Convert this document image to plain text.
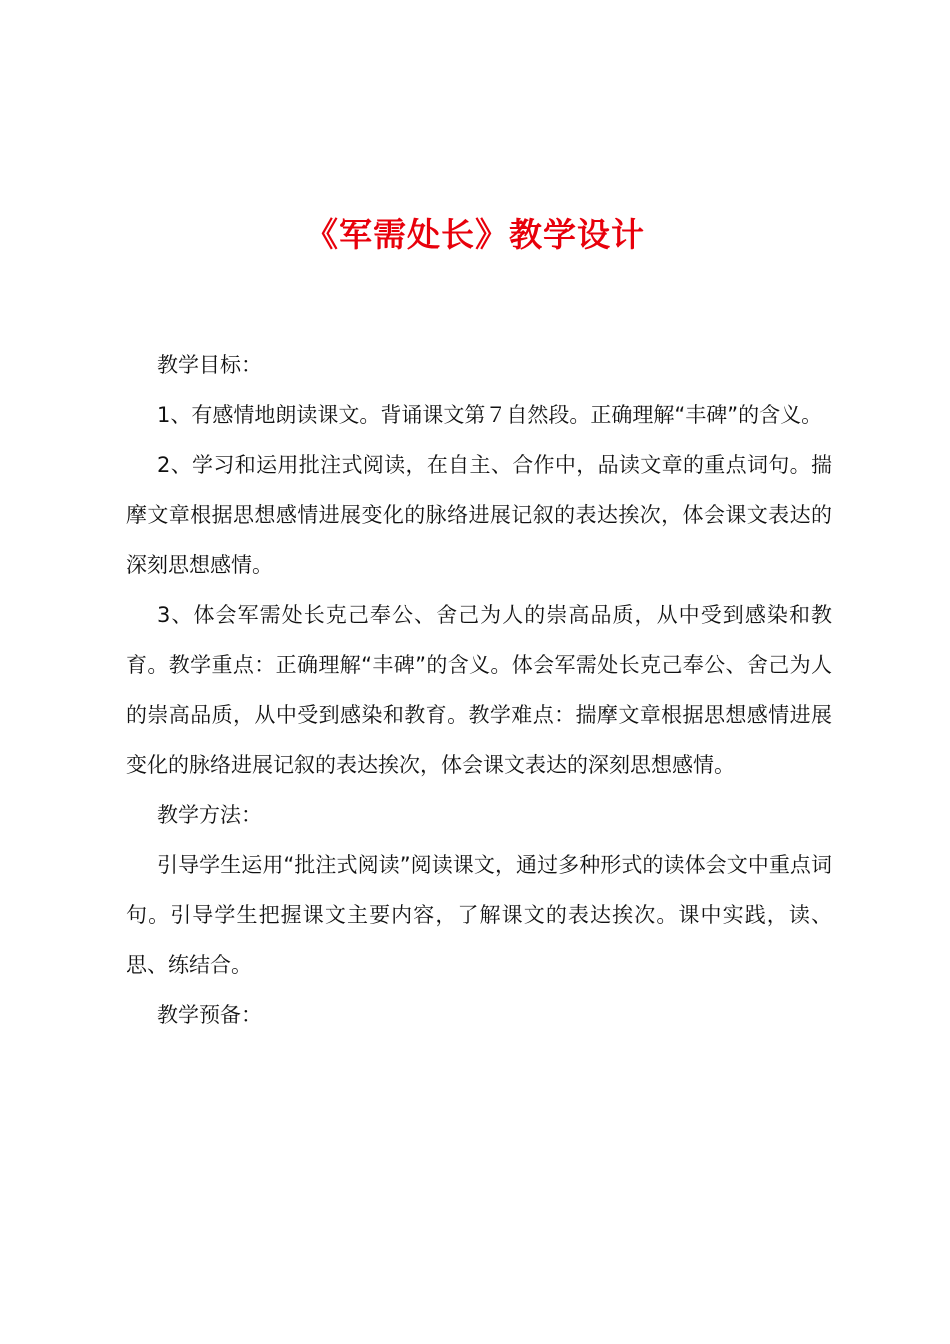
《军需处长》教学设计

教学目标：

1、有感情地朗读课文。背诵课文第７自然段。正确理解“丰碑”的含义。

2、学习和运用批注式阅读，在自主、合作中，品读文章的重点词句。揣摩文章根据思想感情进展变化的脉络进展记叙的表达挨次，体会课文表达的深刻思想感情。

3、体会军需处长克己奉公、舍己为人的崇高品质，从中受到感染和教育。教学重点：正确理解“丰碑”的含义。体会军需处长克己奉公、舍己为人的崇高品质，从中受到感染和教育。教学难点：揣摩文章根据思想感情进展变化的脉络进展记叙的表达挨次，体会课文表达的深刻思想感情。

教学方法：

引导学生运用“批注式阅读”阅读课文，通过多种形式的读体会文中重点词句。引导学生把握课文主要内容，了解课文的表达挨次。课中实践，读、思、练结合。

教学预备：
